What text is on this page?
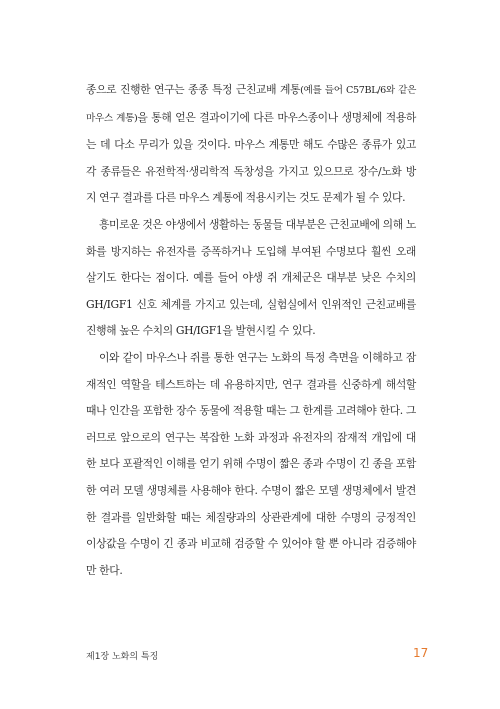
종으로 진행한 연구는 종종 특정 근친교배 계통(예를 들어 C57BL/6와 같은 마우스 계통)을 통해 얻은 결과이기에 다른 마우스종이나 생명체에 적용하는 데 다소 무리가 있을 것이다. 마우스 계통만 해도 수많은 종류가 있고 각 종류들은 유전학적·생리학적 독창성을 가지고 있으므로 장수/노화 방지 연구 결과를 다른 마우스 계통에 적용시키는 것도 문제가 될 수 있다.

흥미로운 것은 야생에서 생활하는 동물들 대부분은 근친교배에 의해 노화를 방지하는 유전자를 증폭하거나 도입해 부여된 수명보다 훨씬 오래 살기도 한다는 점이다. 예를 들어 야생 쥐 개체군은 대부분 낮은 수치의 GH/IGF1 신호 체계를 가지고 있는데, 실험실에서 인위적인 근친교배를 진행해 높은 수치의 GH/IGF1을 발현시킬 수 있다.

이와 같이 마우스나 쥐를 통한 연구는 노화의 특정 측면을 이해하고 잠재적인 역할을 테스트하는 데 유용하지만, 연구 결과를 신중하게 해석할 때나 인간을 포함한 장수 동물에 적용할 때는 그 한계를 고려해야 한다. 그러므로 앞으로의 연구는 복잡한 노화 과정과 유전자의 잠재적 개입에 대한 보다 포괄적인 이해를 얻기 위해 수명이 짧은 종과 수명이 긴 종을 포함한 여러 모델 생명체를 사용해야 한다. 수명이 짧은 모델 생명체에서 발견한 결과를 일반화할 때는 체질량과의 상관관계에 대한 수명의 긍정적인 이상값을 수명이 긴 종과 비교해 검증할 수 있어야 할 뿐 아니라 검증해야만 한다.

제1장 노화의 특징	17
